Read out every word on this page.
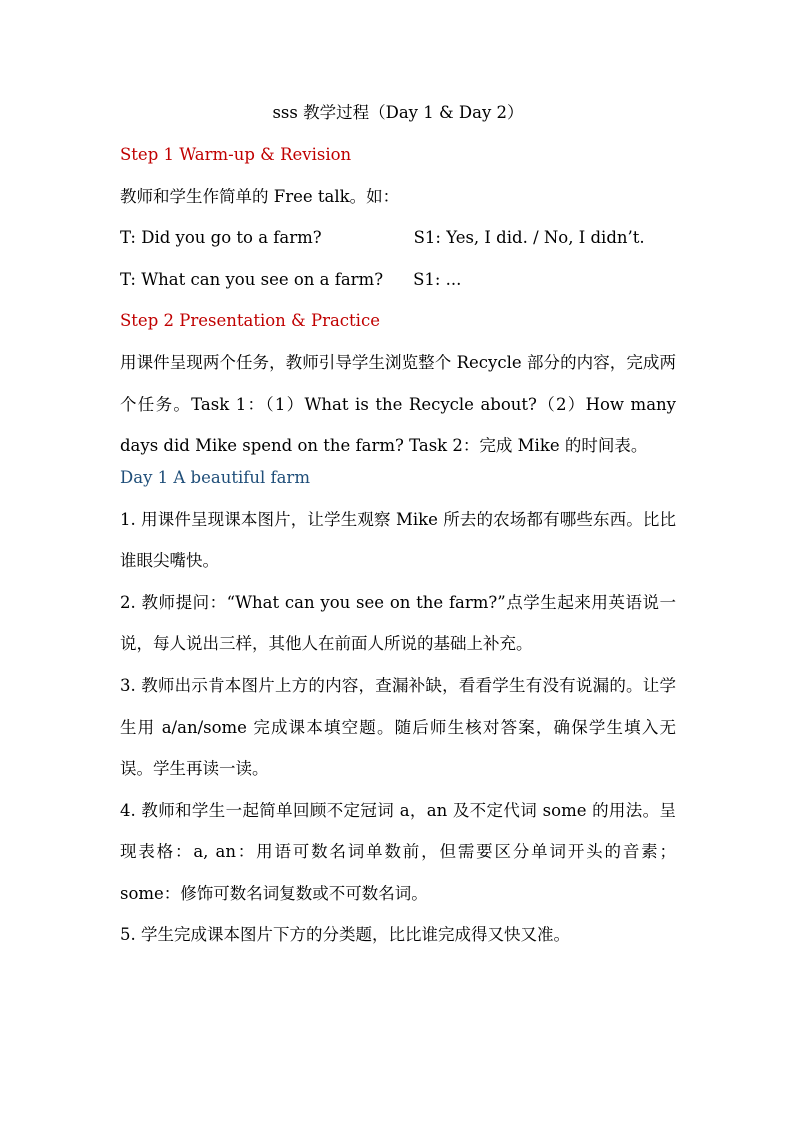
sss 教学过程（Day 1 & Day 2）
Step 1 Warm-up & Revision
教师和学生作简单的 Free talk。如：
T: Did you go to a farm?	S1: Yes, I did. / No, I didn’t.
T: What can you see on a farm? S1: ...
Step 2 Presentation & Practice
用课件呈现两个任务，教师引导学生浏览整个 Recycle 部分的内容，完成两个任务。Task 1：（1）What is the Recycle about?（2）How many days did Mike spend on the farm? Task 2：完成 Mike 的时间表。
Day 1 A beautiful farm
1. 用课件呈现课本图片，让学生观察 Mike 所去的农场都有哪些东西。比比谁眼尖嘴快。
2. 教师提问：“What can you see on the farm?”点学生起来用英语说一说，每人说出三样，其他人在前面人所说的基础上补充。
3. 教师出示肯本图片上方的内容，查漏补缺，看看学生有没有说漏的。让学生用 a/an/some 完成课本填空题。随后师生核对答案，确保学生填入无误。学生再读一读。
4. 教师和学生一起简单回顾不定冠词 a，an 及不定代词 some 的用法。呈现表格：a, an：用语可数名词单数前，但需要区分单词开头的音素；some：修饰可数名词复数或不可数名词。
5. 学生完成课本图片下方的分类题，比比谁完成得又快又准。
